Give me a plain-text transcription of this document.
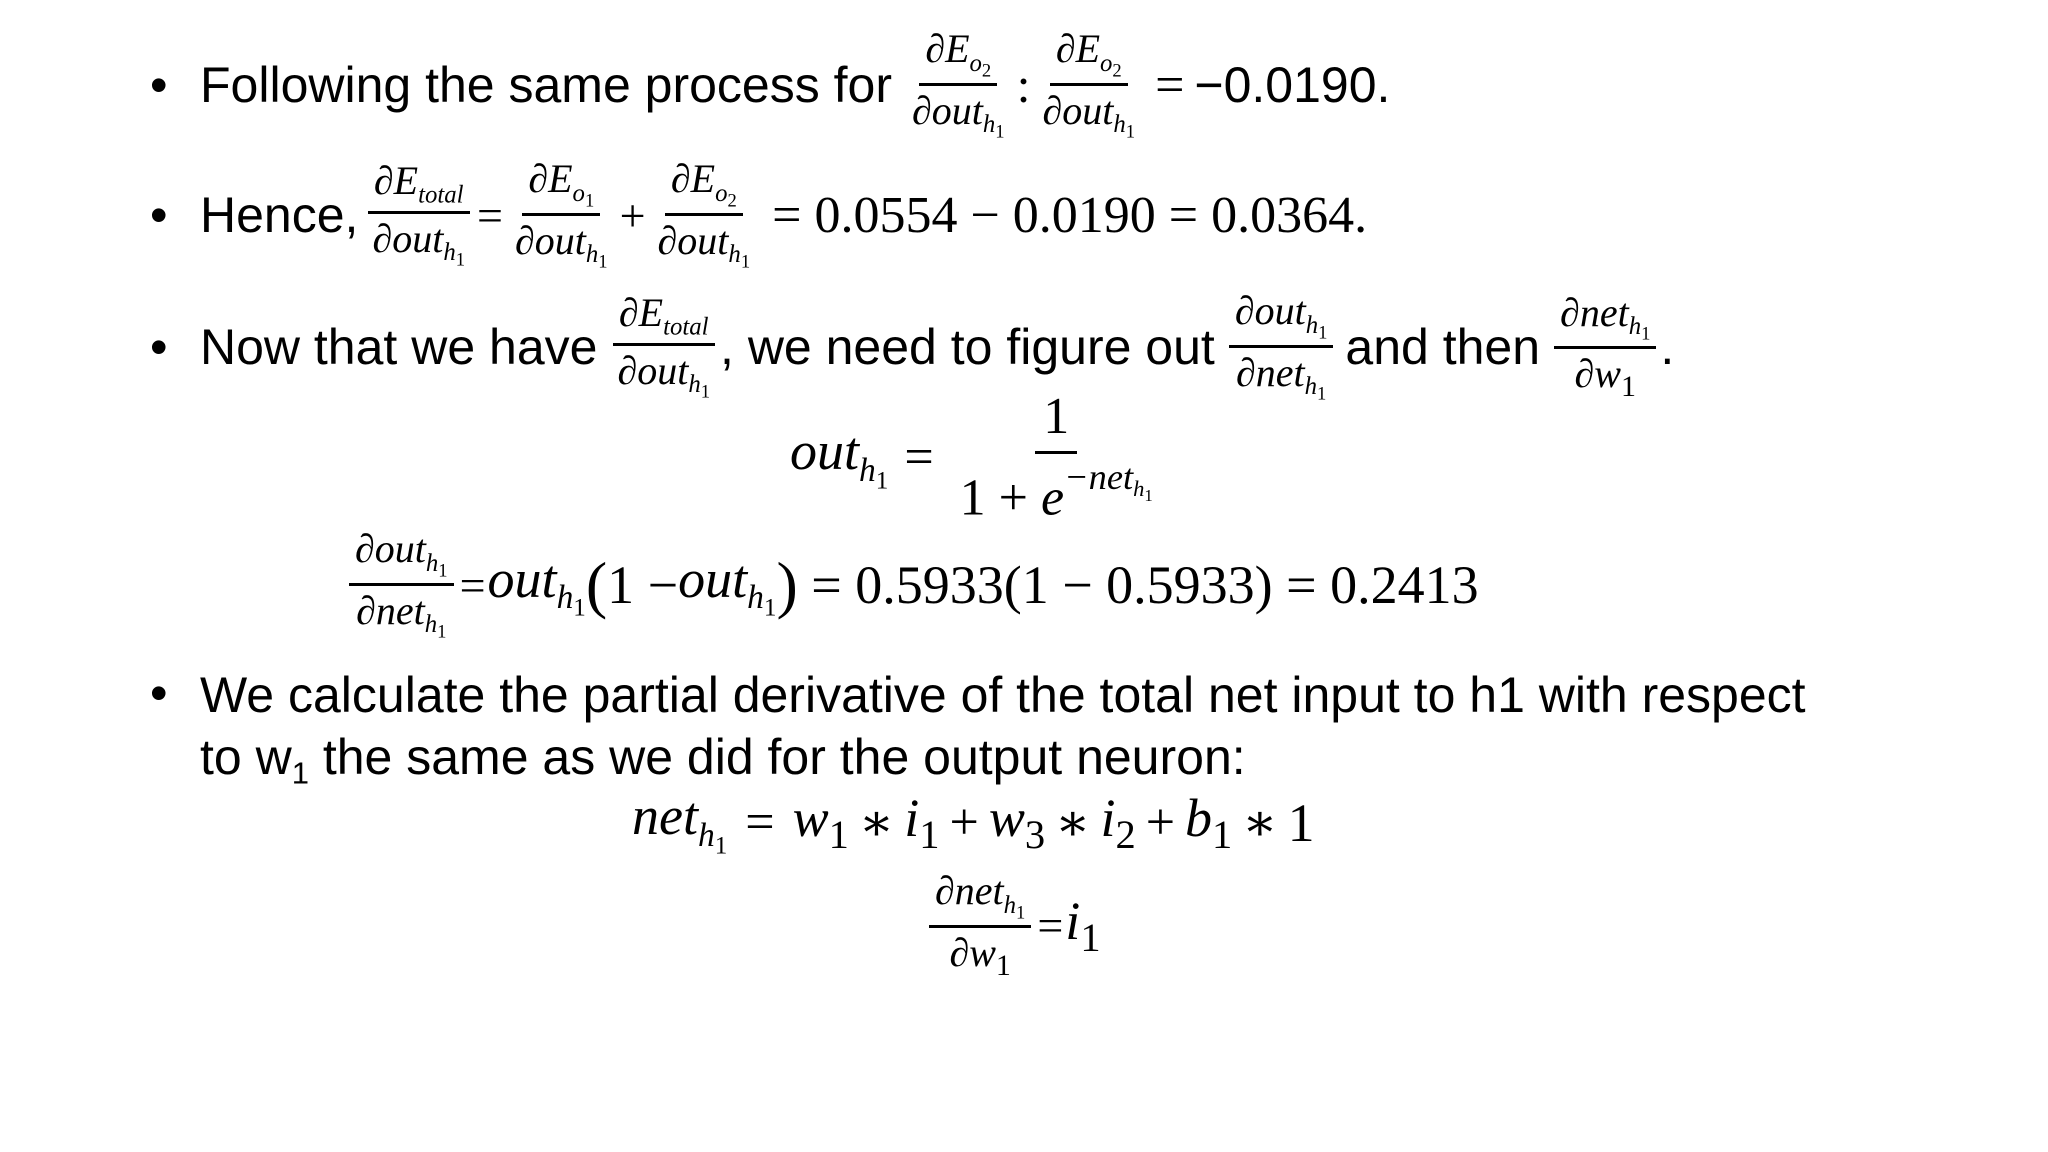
• Following the same process for $\frac{\partial E_{o_2}}{\partial out_{h_1}}$ : $\frac{\partial E_{o_2}}{\partial out_{h_1}} = -0.0190$.
• Hence, $\frac{\partial E_{total}}{\partial out_{h_1}} = \frac{\partial E_{o_1}}{\partial out_{h_1}} + \frac{\partial E_{o_2}}{\partial out_{h_1}} = 0.0554 - 0.0190 = 0.0364$.
• Now that we have $\frac{\partial E_{total}}{\partial out_{h_1}}$ , we need to figure out $\frac{\partial out_{h_1}}{\partial net_{h_1}}$ and then $\frac{\partial net_{h_1}}{\partial w_1}$ .
$out_{h_1} = \frac{1}{1 + e^{-net_{h_1}}}$
$\frac{\partial out_{h_1}}{\partial net_{h_1}} = out_{h_1}$ ( 1 − out$_{h_1}$ ) = 0.5933(1 − 0.5933) = 0.2413
• We calculate the partial derivative of the total net input to h1 with respect
to w1 the same as we did for the output neuron:
$net_{h_1} = w_1$ ∗ $i_1 + w_3$ ∗ $i_2 + b_1$ ∗ 1
$\frac{\partial net_{h_1}}{\partial w_1} = i_1$
